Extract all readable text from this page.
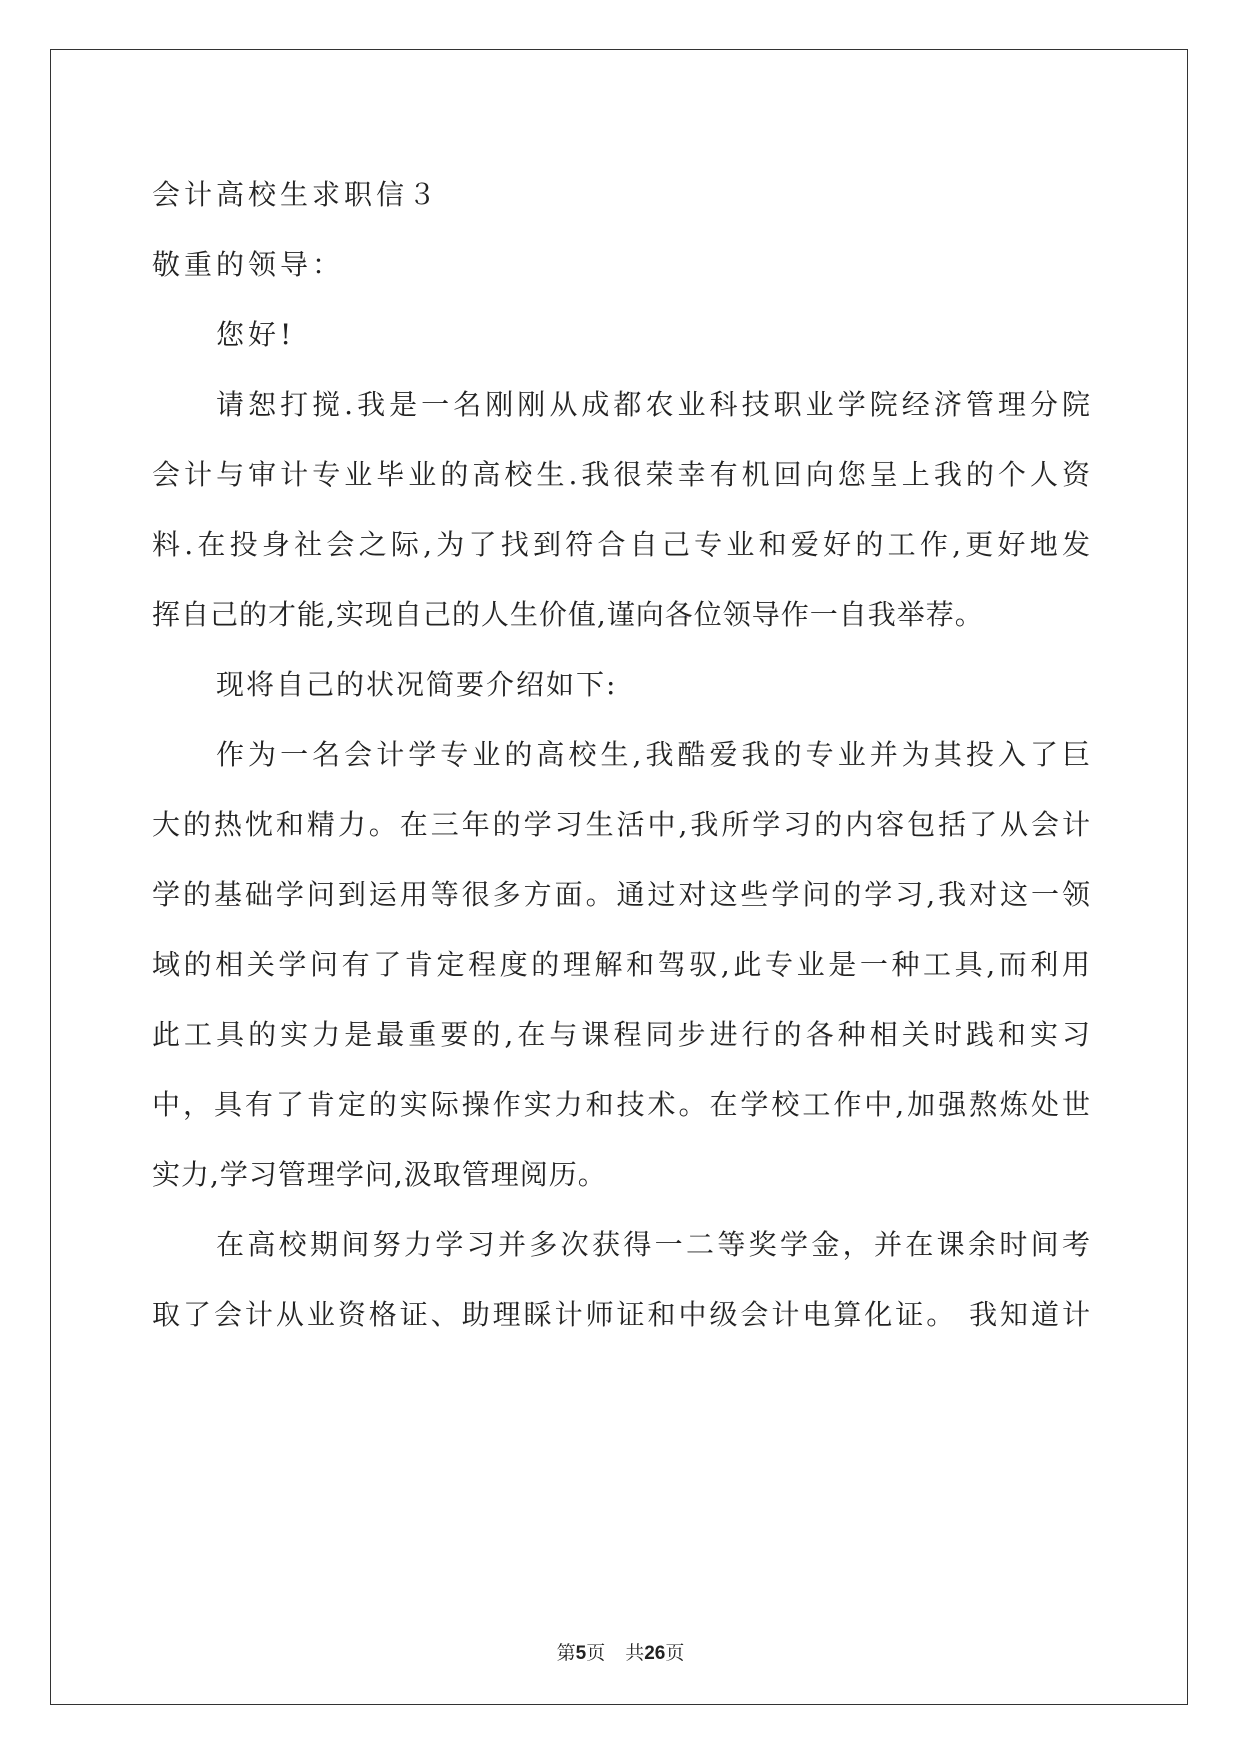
会计高校生求职信３

敬重的领导：

您好!

请恕打搅.我是一名刚刚从成都农业科技职业学院经济管理分院

会计与审计专业毕业的高校生.我很荣幸有机回向您呈上我的个人资

料.在投身社会之际,为了找到符合自己专业和爱好的工作,更好地发

挥自己的才能,实现自己的人生价值,谨向各位领导作一自我举荐。

现将自己的状况简要介绍如下:

作为一名会计学专业的高校生,我酷爱我的专业并为其投入了巨

大的热忱和精力。在三年的学习生活中,我所学习的内容包括了从会计

学的基础学问到运用等很多方面。通过对这些学问的学习,我对这一领

域的相关学问有了肯定程度的理解和驾驭,此专业是一种工具,而利用

此工具的实力是最重要的,在与课程同步进行的各种相关时践和实习

中，具有了肯定的实际操作实力和技术。在学校工作中,加强熬炼处世

实力,学习管理学问,汲取管理阅历。

在高校期间努力学习并多次获得一二等奖学金，并在课余时间考

取了会计从业资格证、助理睬计师证和中级会计电算化证。 我知道计

第5页 共26页
